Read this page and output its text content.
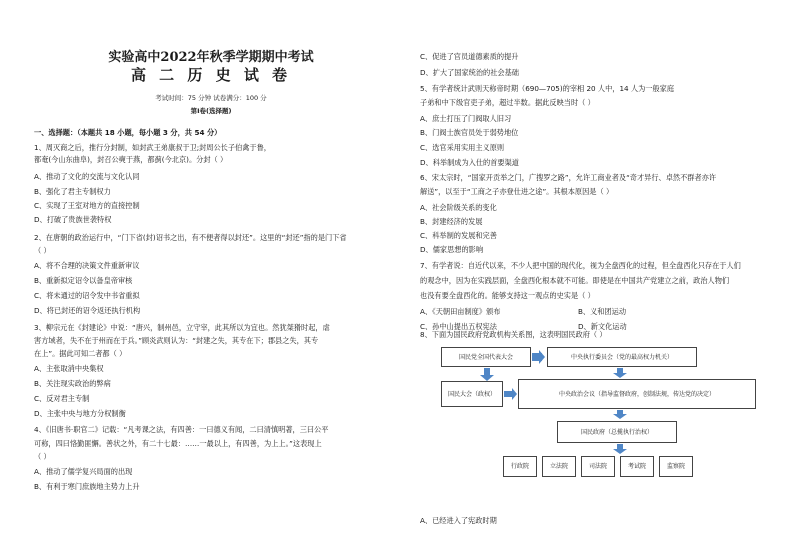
实验高中2022年秋季学期期中考试
高 二 历 史 试 卷
考试时间：75 分钟 试卷满分：100 分
第Ⅰ卷(选择题)
一、选择题：（本题共 18 小题，每小题 3 分，共 54 分）
1、周灭商之后，推行分封制，如封武王弟康叔于卫;封周公长子伯禽于鲁，
都奄(今山东曲阜)，封召公奭于燕，都蓟(今北京)。分封（ ）
A、推动了文化的交流与文化认同
B、强化了君主专制权力
C、实现了王室对地方的直接控制
D、打破了贵族世袭特权
2、在唐朝的政治运行中，“门下省(封)诏书之出，有不便者得以封还”。这里的“封还”指的是门下省
（ ）
A、将不合理的决策文件重新审议
B、重新拟定诏令以备皇帝审核
C、将未通过的诏令发中书省重拟
D、将已封还的诏令返还执行机构
3、柳宗元在《封建论》中说：“唐兴，制州邑，立守宰，此其所以为宜也。然犹桀猾时起，虐
害方域者，失不在于州而在于兵。”顾炎武则认为：“封建之失，其专在下；郡县之失，其专
在上”。据此可知二者都（ ）
A、主张取消中央集权
B、关注现实政治的弊病
C、反对君主专制
D、主张中央与地方分权制衡
4、《旧唐书·职官二》记载：“凡考课之法，有四善：一曰德义有闻，二曰清慎明著，三曰公平
可称，四曰恪勤匪懈。善状之外，有二十七最：……一最以上，有四善，为上上。”这表现上
（ ）
A、推动了儒学复兴局面的出现
B、有利于寒门庶族地主势力上升
C、促进了官员道德素质的提升
D、扩大了国家统治的社会基础
5、有学者统计武则天称帝时期（690—705)的宰相 20 人中，14 人为一般家庭
子弟和中下级官吏子弟，超过半数。据此反映当时（ ）
A、庶士打压了门阀取人旧习
B、门阀士族官员处于弱势地位
C、选官采用实用主义原则
D、科举制成为入仕的首要渠道
6、宋太宗时，“国家开贡举之门，广搜罗之路”，允许工商业者及“奇才异行、卓然不群者亦许
解送”，以至于“工商之子亦登仕进之途”。其根本原因是（ ）
A、社会阶级关系的变化
B、封建经济的发展
C、科举制的发展和完善
D、儒家思想的影响
7、有学者说：自近代以来，不少人把中国的现代化，视为全盘西化的过程，但全盘西化只存在于人们
的观念中，因为在实践层面，全盘西化根本就不可能。即使是在中国共产党建立之前，政治人物们
也没有要全盘西化的。能够支持这一观点的史实是（ ）
A、《天朝田亩制度》颁布	B、义和团运动
C、孙中山提出五权宪法	D、新文化运动
8、下面为国民政府党政机构关系图，这表明国民政府（ ）
A、已经进入了宪政时期
国民党全国代表大会	中央执行委员会（党的最高权力机关）
国民大会（政权）	中央政治会议（指导监督政府，创制法规，传达党的决定）
国民政府（总揽执行治权）
行政院	立法院	司法院	考试院	监察院
